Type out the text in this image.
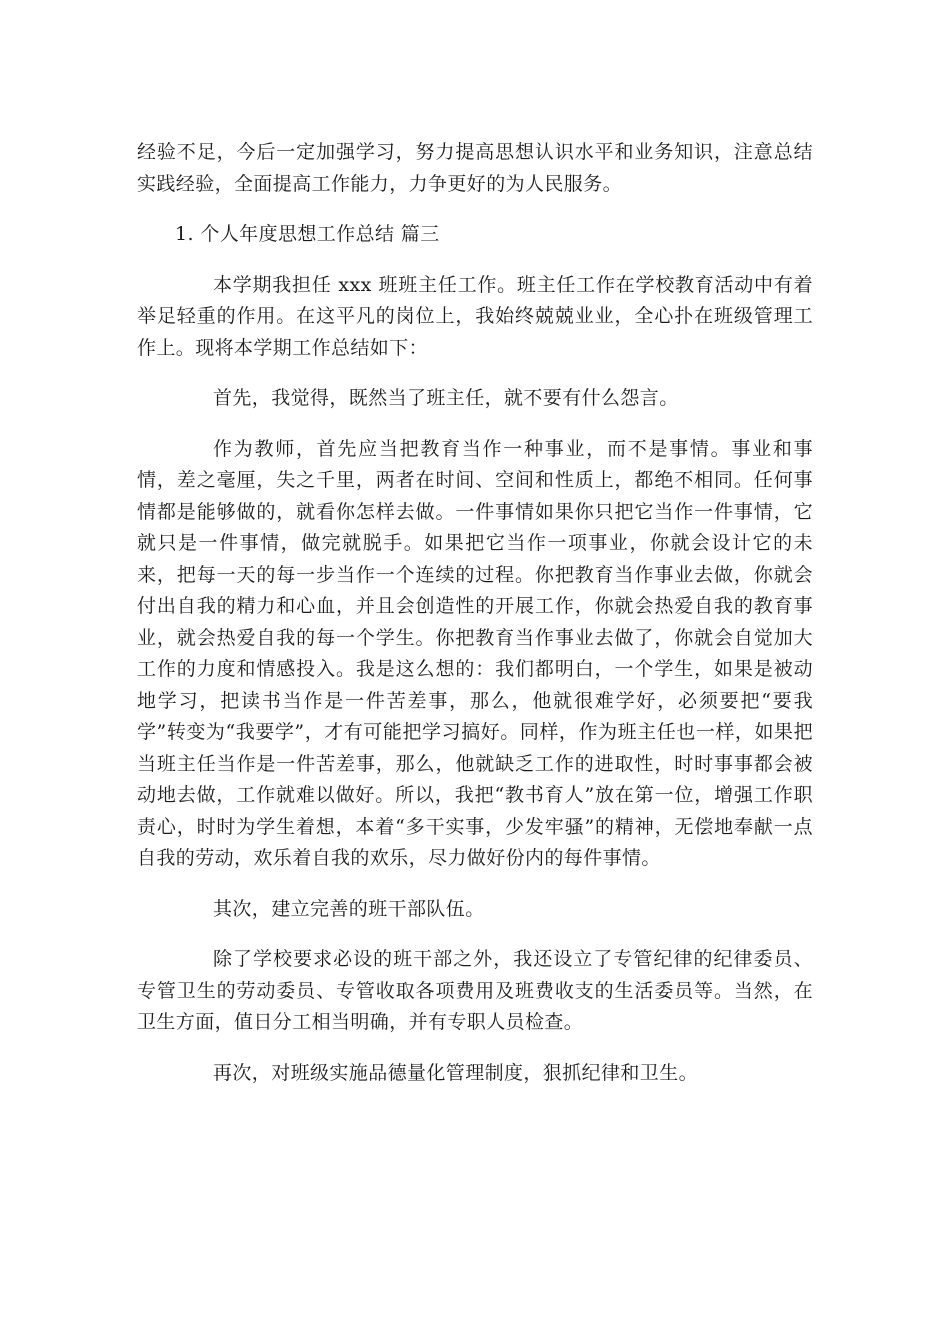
经验不足，今后一定加强学习，努力提高思想认识水平和业务知识，注意总结实践经验，全面提高工作能力，力争更好的为人民服务。

1. 个人年度思想工作总结 篇三

本学期我担任 xxx 班班主任工作。班主任工作在学校教育活动中有着举足轻重的作用。在这平凡的岗位上，我始终兢兢业业，全心扑在班级管理工作上。现将本学期工作总结如下：

首先，我觉得，既然当了班主任，就不要有什么怨言。

作为教师，首先应当把教育当作一种事业，而不是事情。事业和事情，差之毫厘，失之千里，两者在时间、空间和性质上，都绝不相同。任何事情都是能够做的，就看你怎样去做。一件事情如果你只把它当作一件事情，它就只是一件事情，做完就脱手。如果把它当作一项事业，你就会设计它的未来，把每一天的每一步当作一个连续的过程。你把教育当作事业去做，你就会付出自我的精力和心血，并且会创造性的开展工作，你就会热爱自我的教育事业，就会热爱自我的每一个学生。你把教育当作事业去做了，你就会自觉加大工作的力度和情感投入。我是这么想的：我们都明白，一个学生，如果是被动地学习，把读书当作是一件苦差事，那么，他就很难学好，必须要把“要我学”转变为“我要学”，才有可能把学习搞好。同样，作为班主任也一样，如果把当班主任当作是一件苦差事，那么，他就缺乏工作的进取性，时时事事都会被动地去做，工作就难以做好。所以，我把“教书育人”放在第一位，增强工作职责心，时时为学生着想，本着“多干实事，少发牢骚”的精神，无偿地奉献一点自我的劳动，欢乐着自我的欢乐，尽力做好份内的每件事情。

其次，建立完善的班干部队伍。

除了学校要求必设的班干部之外，我还设立了专管纪律的纪律委员、专管卫生的劳动委员、专管收取各项费用及班费收支的生活委员等。当然，在卫生方面，值日分工相当明确，并有专职人员检查。

再次，对班级实施品德量化管理制度，狠抓纪律和卫生。
